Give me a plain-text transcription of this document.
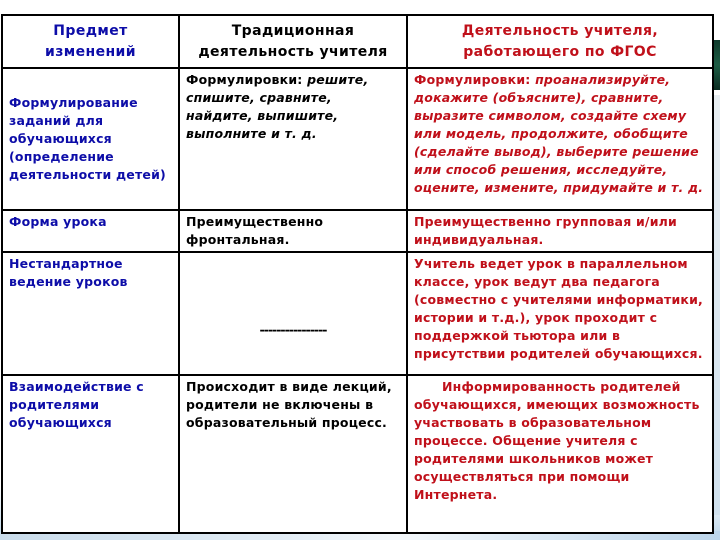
Предмет изменений	Традиционная деятельность учителя	Деятельность учителя, работающего по ФГОС
Формулирование заданий для обучающихся (определение деятельности детей)	Формулировки: решите, спишите, сравните, найдите, выпишите, выполните и т. д.	Формулировки: проанализируйте, докажите (объясните), сравните, выразите символом, создайте схему или модель, продолжите, обобщите (сделайте вывод), выберите решение или способ решения, исследуйте, оцените, измените, придумайте и т. д.
Форма урока	Преимущественно фронтальная.	Преимущественно групповая и/или индивидуальная.
Нестандартное ведение уроков	----------------	Учитель ведет урок в параллельном классе, урок ведут два педагога (совместно с учителями информатики, истории и т.д.), урок проходит с поддержкой тьютора или в присутствии родителей обучающихся.
Взаимодействие с родителями обучающихся	Происходит в виде лекций, родители не включены в образовательный процесс.	Информированность родителей обучающихся, имеющих возможность участвовать в образовательном процессе. Общение учителя с родителями школьников может осуществляться при помощи Интернета.
